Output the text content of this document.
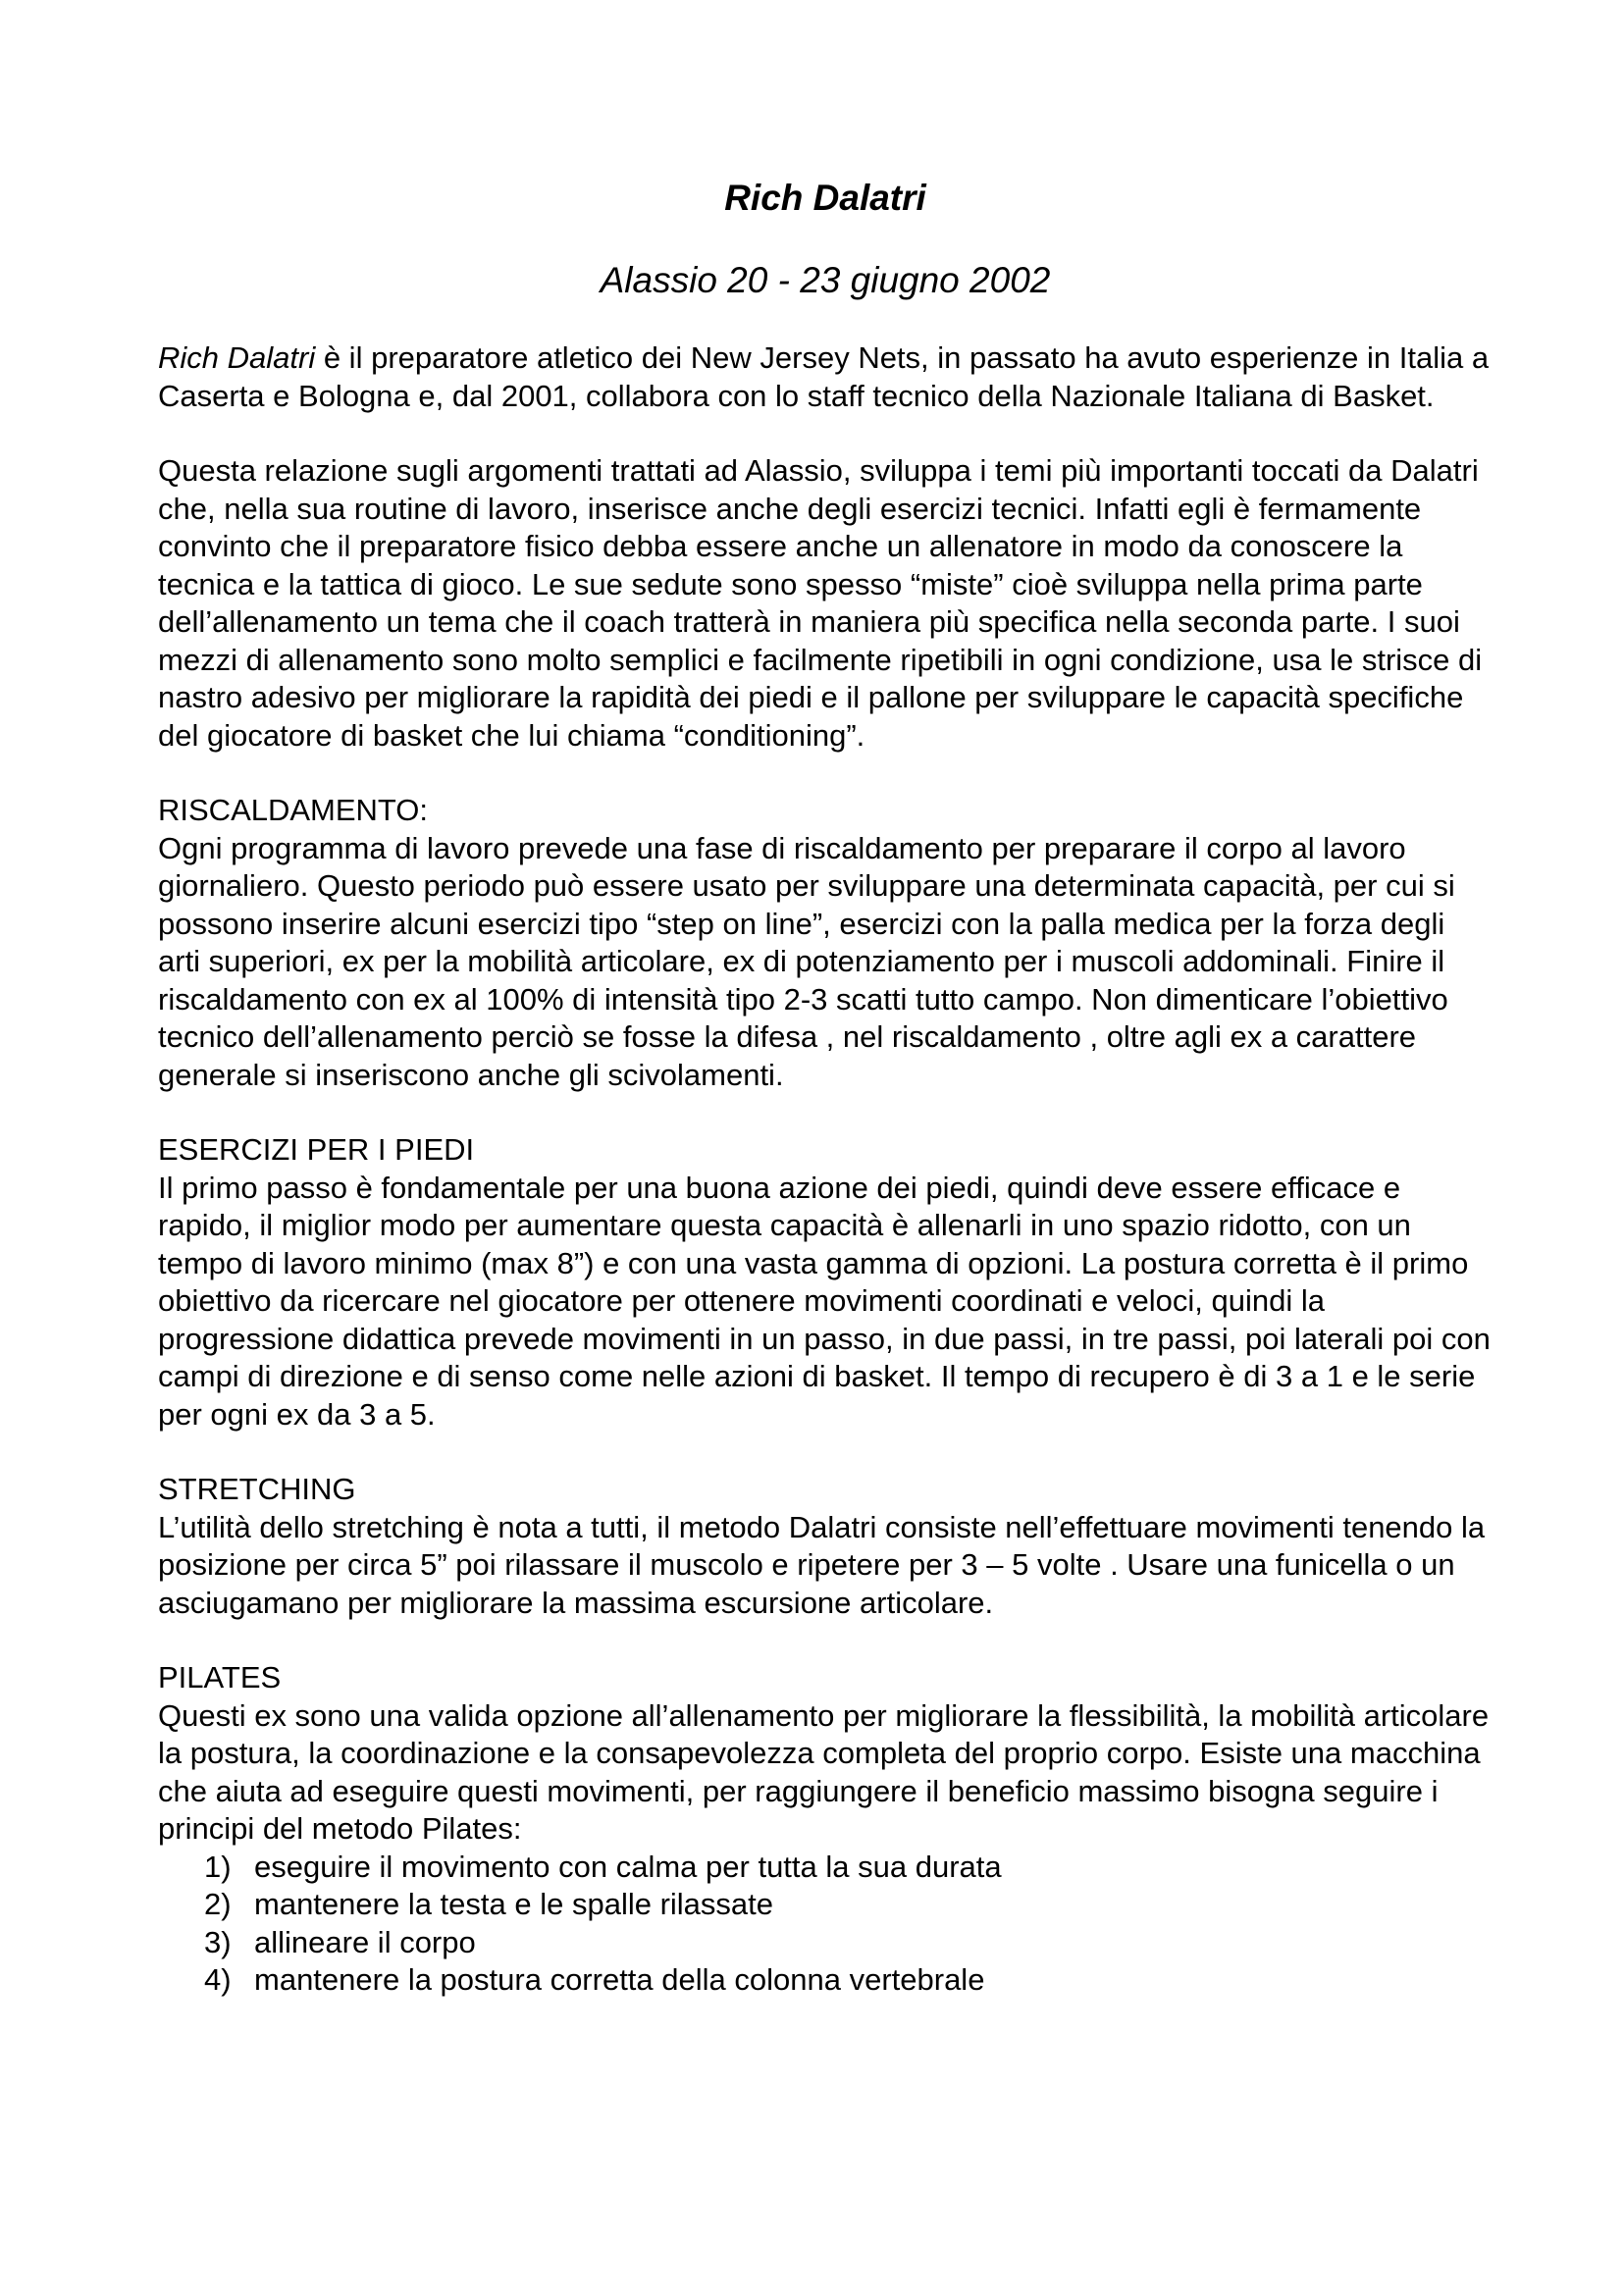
Rich Dalatri
Alassio 20 - 23 giugno 2002

Rich Dalatri è il preparatore atletico dei New Jersey Nets, in passato ha avuto esperienze in Italia a Caserta e Bologna e, dal 2001, collabora con lo staff tecnico della Nazionale Italiana di Basket.

Questa relazione sugli argomenti trattati ad Alassio, sviluppa i temi più importanti toccati da Dalatri che, nella sua routine di lavoro, inserisce anche degli esercizi tecnici. Infatti egli è fermamente convinto che il preparatore fisico debba essere anche un allenatore in modo da conoscere la tecnica e la tattica di gioco. Le sue sedute sono spesso “miste” cioè sviluppa nella prima parte dell’allenamento un tema che il coach tratterà in maniera più specifica nella seconda parte. I suoi mezzi di allenamento sono molto semplici e facilmente ripetibili in ogni condizione, usa le strisce di nastro adesivo per migliorare la rapidità dei piedi e il pallone per sviluppare le capacità specifiche del giocatore di basket che lui chiama “conditioning”.

RISCALDAMENTO:

Ogni programma di lavoro prevede una fase di riscaldamento per preparare il corpo al lavoro giornaliero. Questo periodo può essere usato per sviluppare una determinata capacità, per cui si possono inserire alcuni esercizi tipo “step on line”, esercizi con la palla medica per la forza degli arti superiori, ex per la mobilità articolare, ex di potenziamento per i muscoli addominali. Finire il riscaldamento con ex al 100% di intensità tipo 2-3 scatti tutto campo. Non dimenticare l’obiettivo tecnico dell’allenamento perciò se fosse la difesa , nel riscaldamento , oltre agli ex a carattere generale si inseriscono anche gli scivolamenti.

ESERCIZI PER I PIEDI

Il primo passo è fondamentale per una buona azione dei piedi, quindi deve essere efficace e rapido, il miglior modo per aumentare questa capacità è allenarli in uno spazio ridotto, con un tempo di lavoro minimo (max 8”) e con una vasta gamma di opzioni. La postura corretta è il primo obiettivo da ricercare nel giocatore per ottenere movimenti coordinati e veloci, quindi la progressione didattica prevede movimenti in un passo, in due passi, in tre passi, poi laterali poi con campi di direzione e di senso come nelle azioni di basket. Il tempo di recupero è di 3 a 1 e le serie per ogni ex da 3 a 5.

STRETCHING

L’utilità dello stretching è nota a tutti, il metodo Dalatri consiste nell’effettuare movimenti tenendo la posizione per circa 5” poi rilassare il muscolo e ripetere per 3 – 5 volte . Usare una funicella o un asciugamano per migliorare la massima escursione articolare.

PILATES

Questi ex sono una valida opzione all’allenamento per migliorare la flessibilità, la mobilità articolare la postura, la coordinazione e la consapevolezza completa del proprio corpo. Esiste una macchina che aiuta ad eseguire questi movimenti, per raggiungere il beneficio massimo bisogna seguire i principi del metodo Pilates:

1) eseguire il movimento con calma per tutta la sua durata
2) mantenere la testa e le spalle rilassate
3) allineare il corpo
4) mantenere la postura corretta della colonna vertebrale
